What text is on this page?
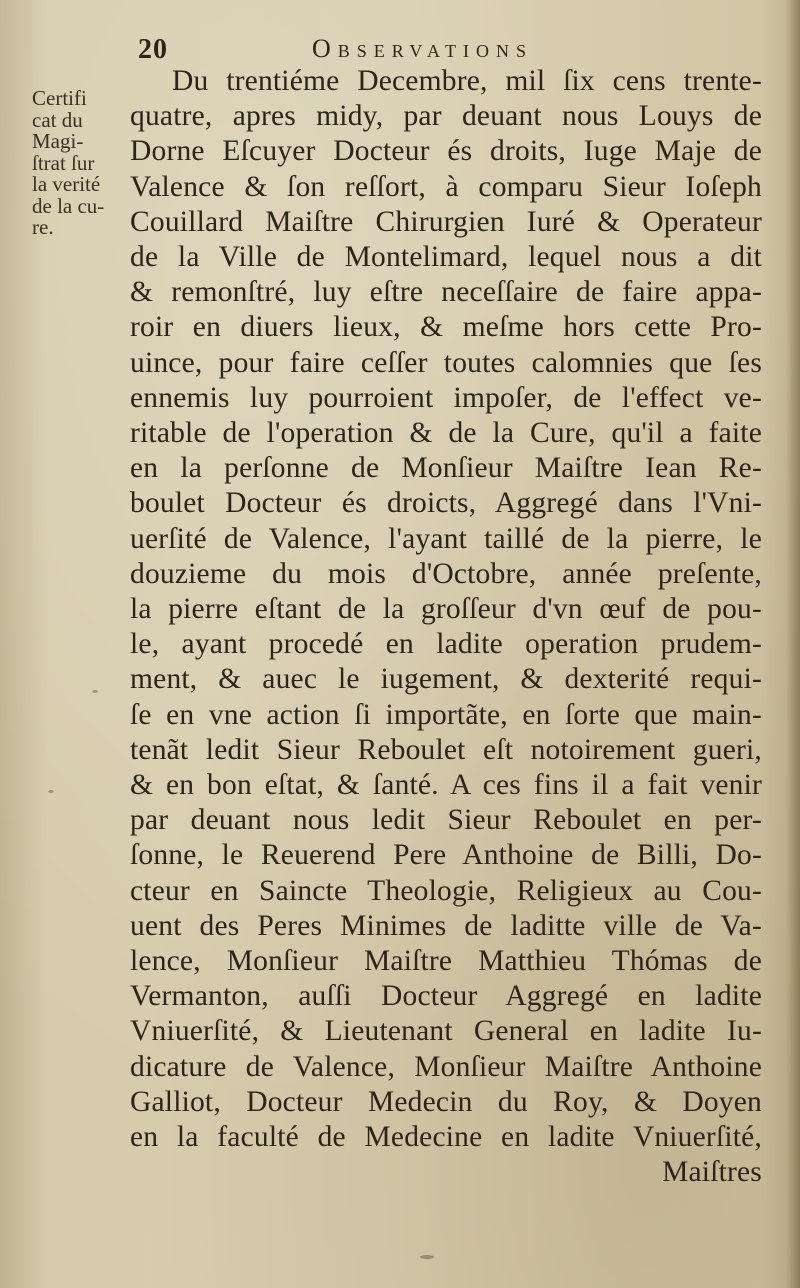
20	Observations
Certifi
cat du
Magi-
ſtrat ſur
la verité
de la cu-
re.
Du trentiéme Decembre, mil ſix cens trente-
quatre, apres midy, par deuant nous Louys de
Dorne Eſcuyer Docteur és droits, Iuge Maje de
Valence & ſon reſſort, à comparu Sieur Ioſeph
Couillard Maiſtre Chirurgien Iuré & Operateur
de la Ville de Montelimard, lequel nous a dit
& remonſtré, luy eſtre neceſſaire de faire appa-
roir en diuers lieux, & meſme hors cette Pro-
uince, pour faire ceſſer toutes calomnies que ſes
ennemis luy pourroient impoſer, de l'effect ve-
ritable de l'operation & de la Cure, qu'il a faite
en la perſonne de Monſieur Maiſtre Iean Re-
boulet Docteur és droicts, Aggregé dans l'Vni-
uerſité de Valence, l'ayant taillé de la pierre, le
douzieme du mois d'Octobre, année preſente,
la pierre eſtant de la groſſeur d'vn œuf de pou-
le, ayant procedé en ladite operation prudem-
ment, & auec le iugement, & dexterité requi-
ſe en vne action ſi importãte, en ſorte que main-
tenãt ledit Sieur Reboulet eſt notoirement gueri,
& en bon eſtat, & ſanté. A ces fins il a fait venir
par deuant nous ledit Sieur Reboulet en per-
ſonne, le Reuerend Pere Anthoine de Billi, Do-
cteur en Saincte Theologie, Religieux au Cou-
uent des Peres Minimes de laditte ville de Va-
lence, Monſieur Maiſtre Matthieu Thómas de
Vermanton, auſſi Docteur Aggregé en ladite
Vniuerſité, & Lieutenant General en ladite Iu-
dicature de Valence, Monſieur Maiſtre Anthoine
Galliot, Docteur Medecin du Roy, & Doyen
en la faculté de Medecine en ladite Vniuerſité,
Maiſtres
